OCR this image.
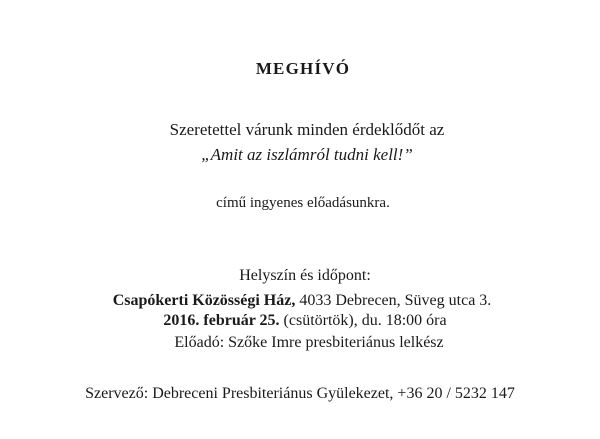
MEGHÍVÓ
Szeretettel várunk minden érdeklődőt az
„Amit az iszlámról tudni kell!”
című ingyenes előadásunkra.
Helyszín és időpont:
Csapókerti Közösségi Ház, 4033 Debrecen, Süveg utca 3.
2016. február 25. (csütörtök), du. 18:00 óra
Előadó: Szőke Imre presbiteriánus lelkész
Szervező: Debreceni Presbiteriánus Gyülekezet, +36 20 / 5232 147
